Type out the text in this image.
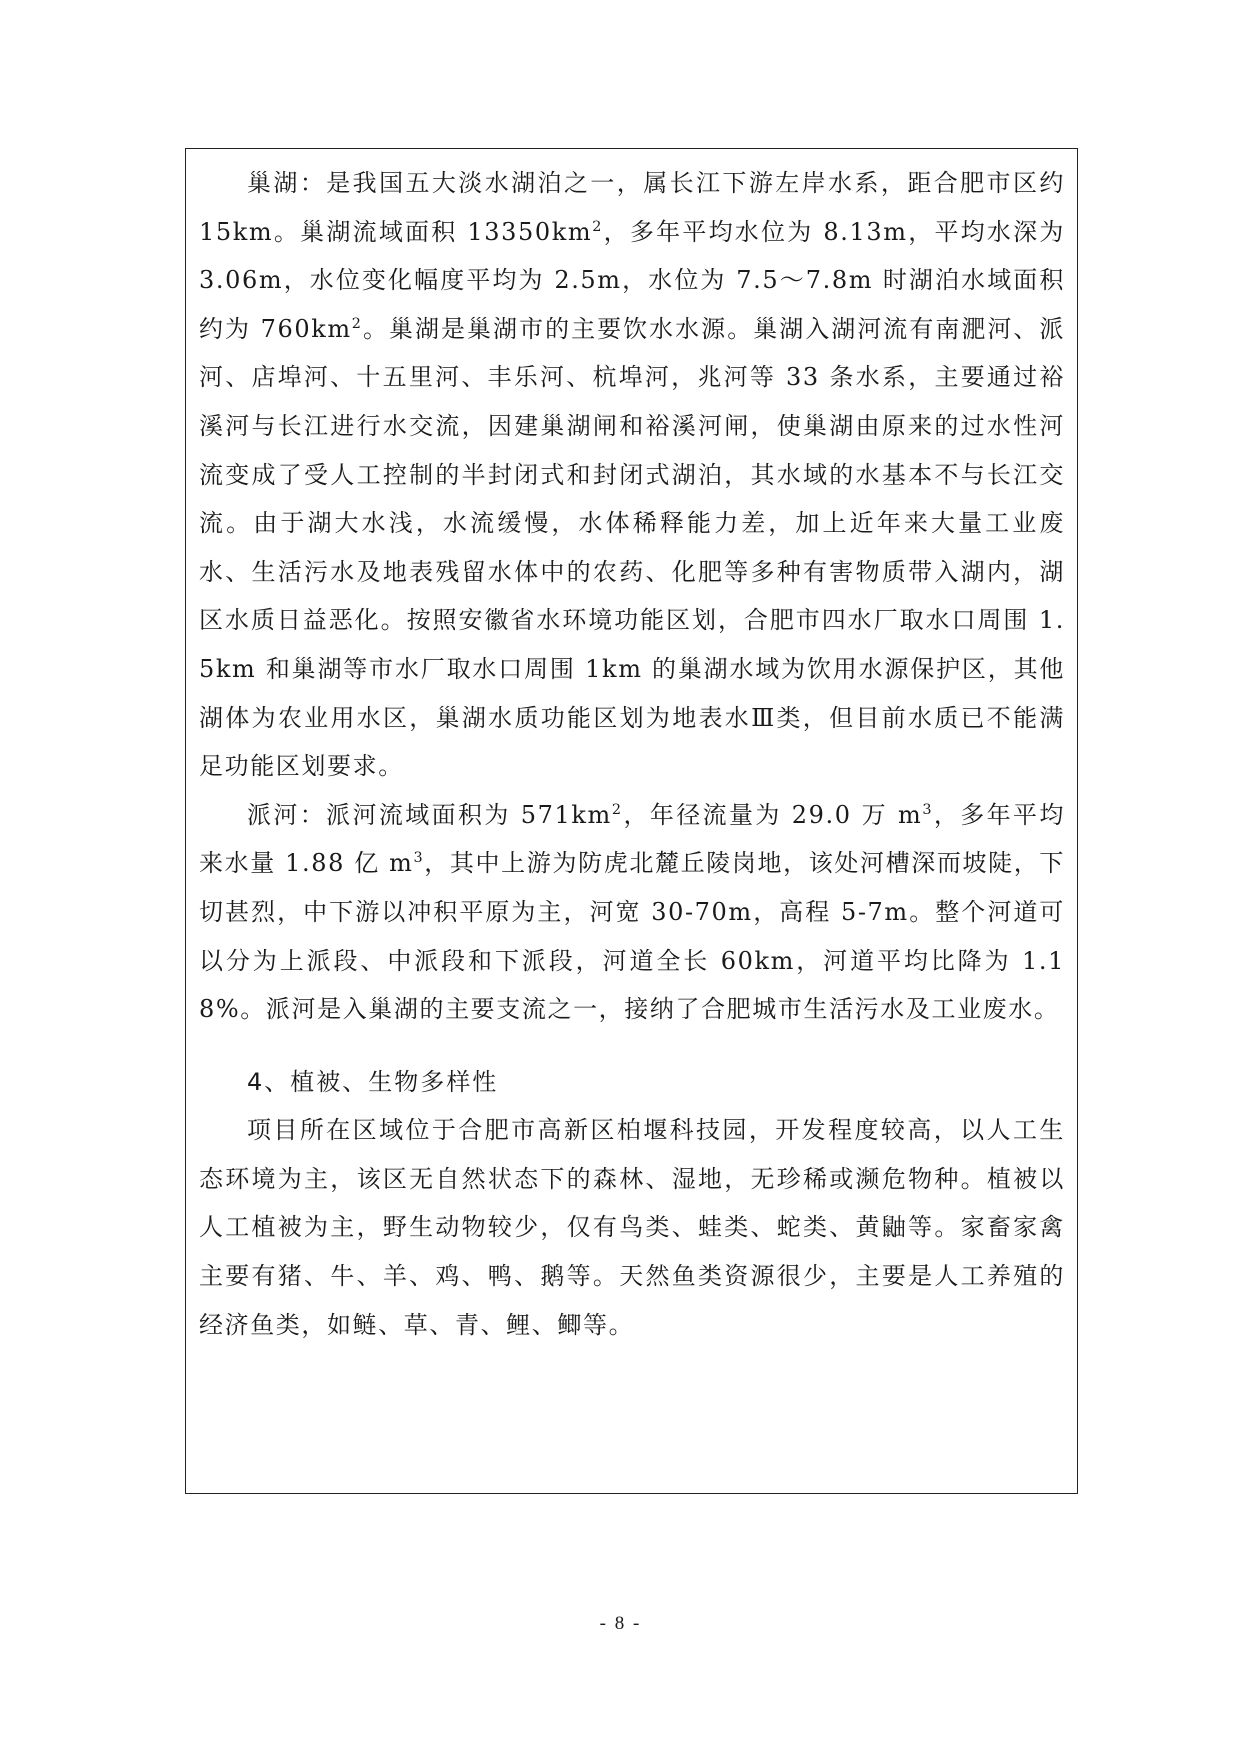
巢湖：是我国五大淡水湖泊之一，属长江下游左岸水系，距合肥市区约 15km。巢湖流域面积 $13350km^2$，多年平均水位为 8.13m，平均水深为 3.06m，水位变化幅度平均为 2.5m，水位为 7.5～7.8m 时湖泊水域面积约为 $760km^2$。巢湖是巢湖市的主要饮水水源。巢湖入湖河流有南淝河、派河、店埠河、十五里河、丰乐河、杭埠河，兆河等 33 条水系，主要通过裕溪河与长江进行水交流，因建巢湖闸和裕溪河闸，使巢湖由原来的过水性河流变成了受人工控制的半封闭式和封闭式湖泊，其水域的水基本不与长江交流。由于湖大水浅，水流缓慢，水体稀释能力差，加上近年来大量工业废水、生活污水及地表残留水体中的农药、化肥等多种有害物质带入湖内，湖区水质日益恶化。按照安徽省水环境功能区划，合肥市四水厂取水口周围 1.5km 和巢湖等市水厂取水口周围 1km 的巢湖水域为饮用水源保护区，其他湖体为农业用水区，巢湖水质功能区划为地表水Ⅲ类，但目前水质已不能满足功能区划要求。

派河：派河流域面积为 $571km^2$，年径流量为 29.0 万 $m^3$，多年平均来水量 1.88 亿 $m^3$，其中上游为防虎北麓丘陵岗地，该处河槽深而坡陡，下切甚烈，中下游以冲积平原为主，河宽 30-70m，高程 5-7m。整个河道可以分为上派段、中派段和下派段，河道全长 60km，河道平均比降为 1.18%。派河是入巢湖的主要支流之一，接纳了合肥城市生活污水及工业废水。

4、植被、生物多样性

项目所在区域位于合肥市高新区柏堰科技园，开发程度较高，以人工生态环境为主，该区无自然状态下的森林、湿地，无珍稀或濒危物种。植被以人工植被为主，野生动物较少，仅有鸟类、蛙类、蛇类、黄鼬等。家畜家禽主要有猪、牛、羊、鸡、鸭、鹅等。天然鱼类资源很少，主要是人工养殖的经济鱼类，如鲢、草、青、鲤、鲫等。

- 8 -
